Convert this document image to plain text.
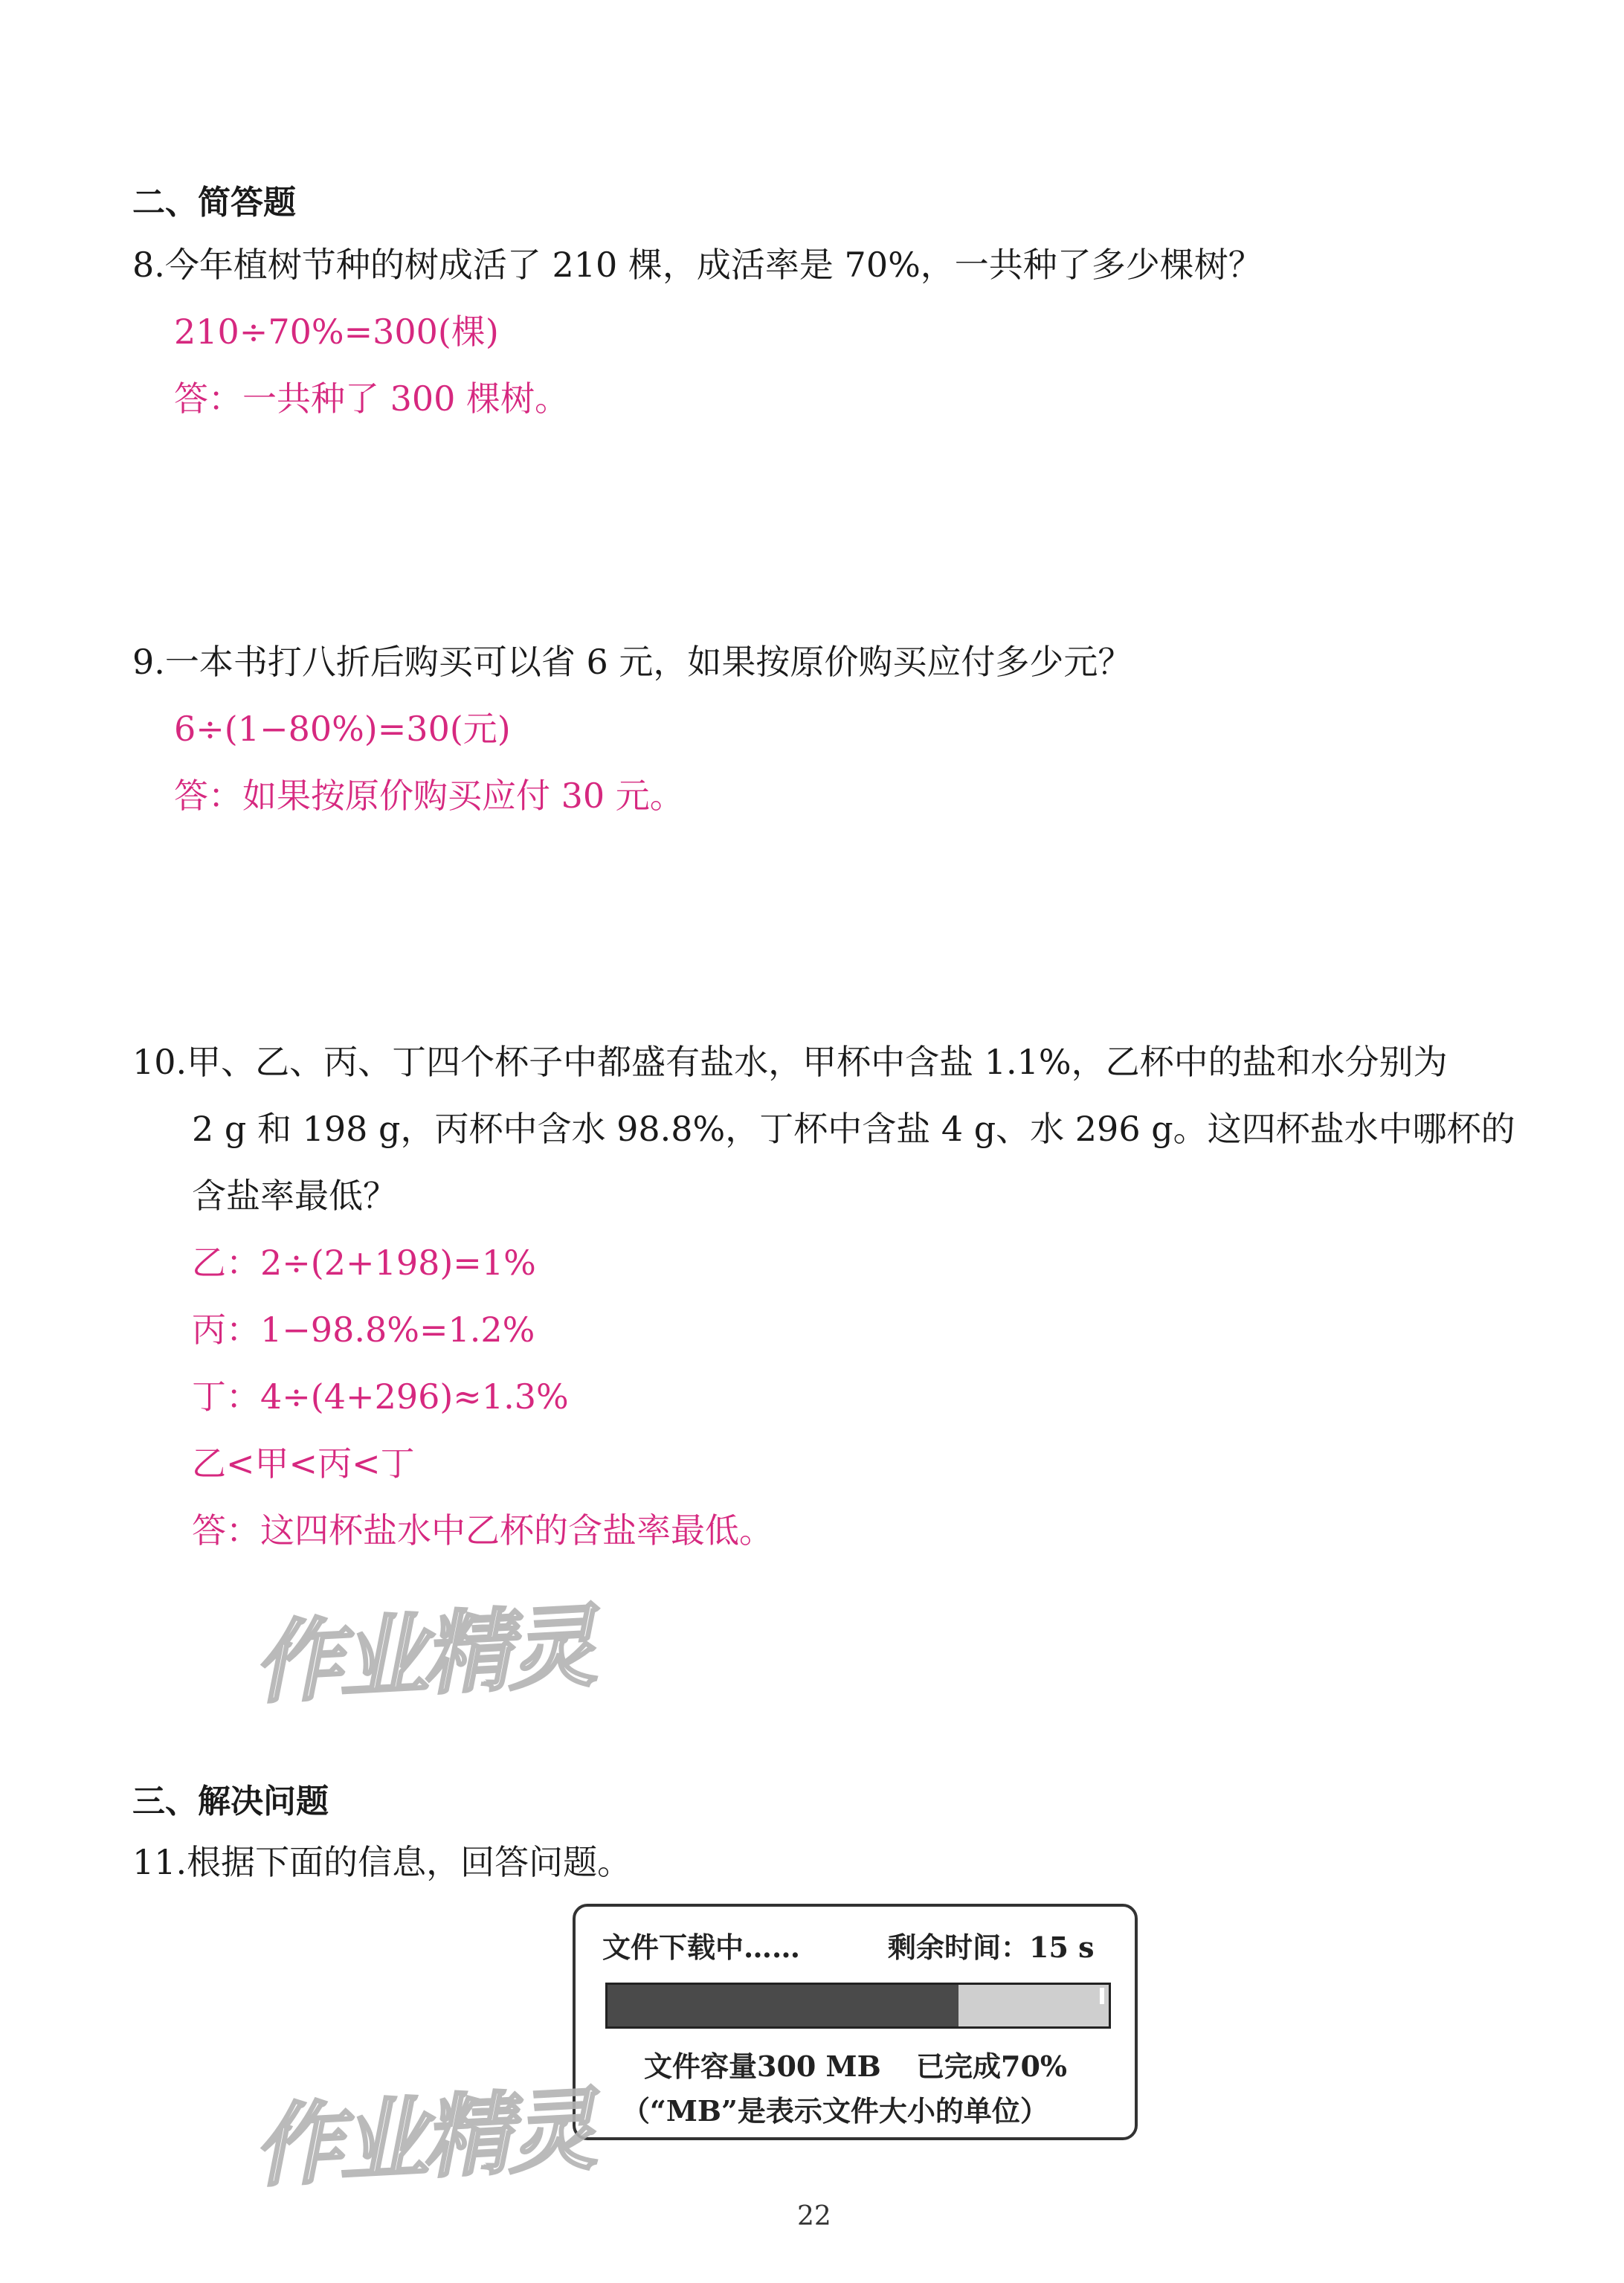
二、简答题
8.今年植树节种的树成活了 210 棵，成活率是 70%，一共种了多少棵树？
210÷70%=300(棵)
答：一共种了 300 棵树。
9.一本书打八折后购买可以省 6 元，如果按原价购买应付多少元？
6÷(1−80%)=30(元)
答：如果按原价购买应付 30 元。
10.甲、乙、丙、丁四个杯子中都盛有盐水，甲杯中含盐 1.1%，乙杯中的盐和水分别为
2 g 和 198 g，丙杯中含水 98.8%，丁杯中含盐 4 g、水 296 g。这四杯盐水中哪杯的
含盐率最低？
乙：2÷(2+198)=1%
丙：1−98.8%=1.2%
丁：4÷(4+296)≈1.3%
乙<甲<丙<丁
答：这四杯盐水中乙杯的含盐率最低。
作业精灵
三、解决问题
11.根据下面的信息，回答问题。
文件下载中……	剩余时间：15 s
文件容量300 MB 已完成70%
（“MB”是表示文件大小的单位）
作业精灵
22
